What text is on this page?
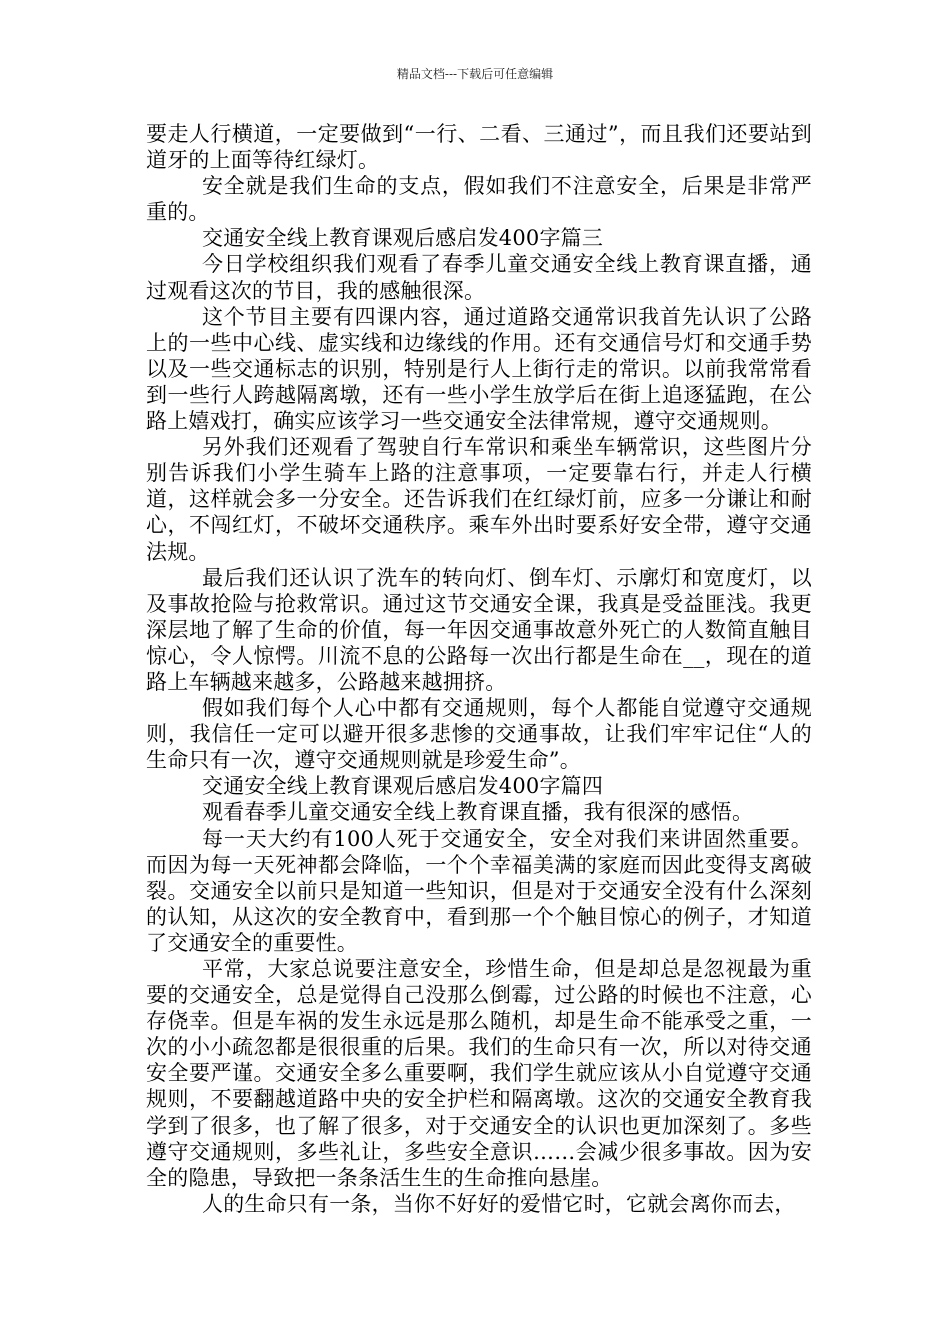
精品文档---下载后可任意编辑

要走人行横道，一定要做到“一行、二看、三通过”，而且我们还要站到道牙的上面等待红绿灯。

安全就是我们生命的支点，假如我们不注意安全，后果是非常严重的。

交通安全线上教育课观后感启发400字篇三

今日学校组织我们观看了春季儿童交通安全线上教育课直播，通过观看这次的节目，我的感触很深。

这个节目主要有四课内容，通过道路交通常识我首先认识了公路上的一些中心线、虚实线和边缘线的作用。还有交通信号灯和交通手势以及一些交通标志的识别，特别是行人上街行走的常识。以前我常常看到一些行人跨越隔离墩，还有一些小学生放学后在街上追逐猛跑，在公路上嬉戏打，确实应该学习一些交通安全法律常规，遵守交通规则。

另外我们还观看了驾驶自行车常识和乘坐车辆常识，这些图片分别告诉我们小学生骑车上路的注意事项，一定要靠右行，并走人行横道，这样就会多一分安全。还告诉我们在红绿灯前，应多一分谦让和耐心，不闯红灯，不破坏交通秩序。乘车外出时要系好安全带，遵守交通法规。

最后我们还认识了洗车的转向灯、倒车灯、示廓灯和宽度灯，以及事故抢险与抢救常识。通过这节交通安全课，我真是受益匪浅。我更深层地了解了生命的价值，每一年因交通事故意外死亡的人数简直触目惊心，令人惊愕。川流不息的公路每一次出行都是生命在__，现在的道路上车辆越来越多，公路越来越拥挤。

假如我们每个人心中都有交通规则，每个人都能自觉遵守交通规则，我信任一定可以避开很多悲惨的交通事故，让我们牢牢记住“人的生命只有一次，遵守交通规则就是珍爱生命”。

交通安全线上教育课观后感启发400字篇四

观看春季儿童交通安全线上教育课直播，我有很深的感悟。

每一天大约有100人死于交通安全，安全对我们来讲固然重要。而因为每一天死神都会降临，一个个幸福美满的家庭而因此变得支离破裂。交通安全以前只是知道一些知识，但是对于交通安全没有什么深刻的认知，从这次的安全教育中，看到那一个个触目惊心的例子，才知道了交通安全的重要性。

平常，大家总说要注意安全，珍惜生命，但是却总是忽视最为重要的交通安全，总是觉得自己没那么倒霉，过公路的时候也不注意，心存侥幸。但是车祸的发生永远是那么随机，却是生命不能承受之重，一次的小小疏忽都是很很重的后果。我们的生命只有一次，所以对待交通安全要严谨。交通安全多么重要啊，我们学生就应该从小自觉遵守交通规则，不要翻越道路中央的安全护栏和隔离墩。这次的交通安全教育我学到了很多，也了解了很多，对于交通安全的认识也更加深刻了。多些遵守交通规则，多些礼让，多些安全意识……会减少很多事故。因为安全的隐患，导致把一条条活生生的生命推向悬崖。

人的生命只有一条，当你不好好的爱惜它时，它就会离你而去，
